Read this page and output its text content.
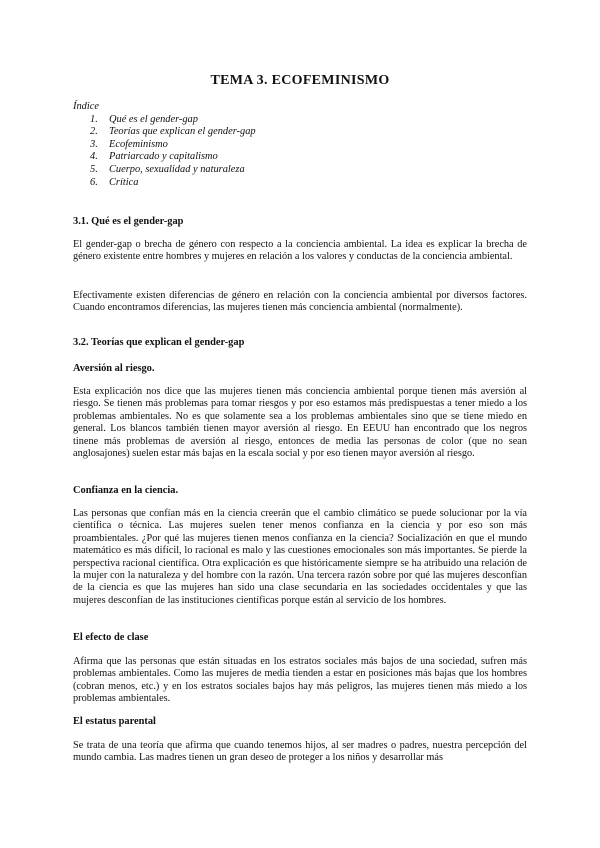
TEMA 3. ECOFEMINISMO
Índice
1. Qué es el gender-gap
2. Teorías que explican el gender-gap
3. Ecofeminismo
4. Patriarcado y capitalismo
5. Cuerpo, sexualidad y naturaleza
6. Crítica
3.1. Qué es el gender-gap

El gender-gap o brecha de género con respecto a la conciencia ambiental. La idea es explicar la brecha de género existente entre hombres y mujeres en relación a los valores y conductas de la conciencia ambiental.

Efectivamente existen diferencias de género en relación con la conciencia ambiental por diversos factores. Cuando encontramos diferencias, las mujeres tienen más conciencia ambiental (normalmente).

3.2. Teorías que explican el gender-gap
Aversión al riesgo.

Esta explicación nos dice que las mujeres tienen más conciencia ambiental porque tienen más aversión al riesgo. Se tienen más problemas para tomar riesgos y por eso estamos más predispuestas a tener miedo a los problemas ambientales. No es que solamente sea a los problemas ambientales sino que se tiene miedo en general. Los blancos también tienen mayor aversión al riesgo. En EEUU han encontrado que los negros tinene más problemas de aversión al riesgo, entonces de media las personas de color (que no sean anglosajones) suelen estar más bajas en la escala social y por eso tienen mayor aversión al riesgo.

Confianza en la ciencia.

Las personas que confían más en la ciencia creerán que el cambio climático se puede solucionar por la vía científica o técnica. Las mujeres suelen tener menos confianza en la ciencia y por eso son más proambientales. ¿Por qué las mujeres tienen menos confianza en la ciencia? Socialización en que el mundo matemático es más difícil, lo racional es malo y las cuestiones emocionales son más importantes. Se pierde la perspectiva racional científica. Otra explicación es que históricamente siempre se ha atribuido una relación de la mujer con la naturaleza y del hombre con la razón. Una tercera razón sobre por qué las mujeres desconfían de la ciencia es que las mujeres han sido una clase secundaria en las sociedades occidentales y que las mujeres desconfían de las instituciones científicas porque están al servicio de los hombres.

El efecto de clase

Afirma que las personas que están situadas en los estratos sociales más bajos de una sociedad, sufren más problemas ambientales. Como las mujeres de media tienden a estar en posiciones más bajas que los hombres (cobran menos, etc.) y en los estratos sociales bajos hay más peligros, las mujeres tienen más miedo a los problemas ambientales.

El estatus parental

Se trata de una teoría que afirma que cuando tenemos hijos, al ser madres o padres, nuestra percepción del mundo cambia. Las madres tienen un gran deseo de proteger a los niños y desarrollar más
